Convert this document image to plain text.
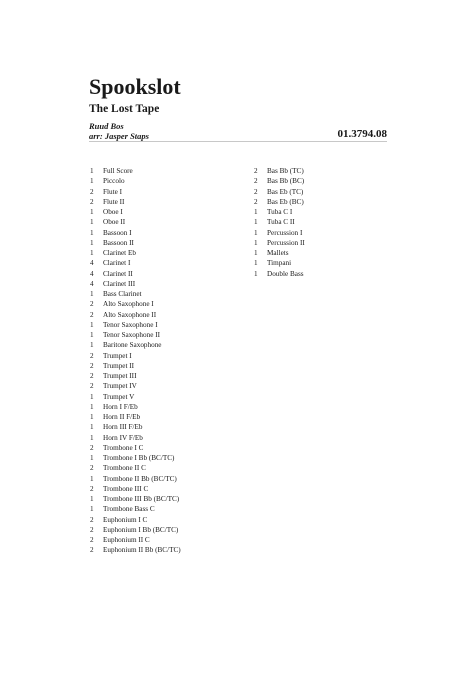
Spookslot
The Lost Tape
Ruud Bos
arr: Jasper Staps	01.3794.08
1	Full Score
1	Piccolo
2	Flute I
2	Flute II
1	Oboe I
1	Oboe II
1	Bassoon I
1	Bassoon II
1	Clarinet Eb
4	Clarinet I
4	Clarinet II
4	Clarinet III
1	Bass Clarinet
2	Alto Saxophone I
2	Alto Saxophone II
1	Tenor Saxophone I
1	Tenor Saxophone II
1	Baritone Saxophone
2	Trumpet I
2	Trumpet II
2	Trumpet III
2	Trumpet IV
1	Trumpet V
1	Horn I F/Eb
1	Horn II F/Eb
1	Horn III F/Eb
1	Horn IV F/Eb
2	Trombone I C
1	Trombone I Bb (BC/TC)
2	Trombone II C
1	Trombone II Bb (BC/TC)
2	Trombone III C
1	Trombone III Bb (BC/TC)
1	Trombone Bass C
2	Euphonium I C
2	Euphonium I Bb (BC/TC)
2	Euphonium II C
2	Euphonium II Bb (BC/TC)
2	Bas Bb (TC)
2	Bas Bb (BC)
2	Bas Eb (TC)
2	Bas Eb (BC)
1	Tuba C I
1	Tuba C II
1	Percussion I
1	Percussion II
1	Mallets
1	Timpani
1	Double Bass
